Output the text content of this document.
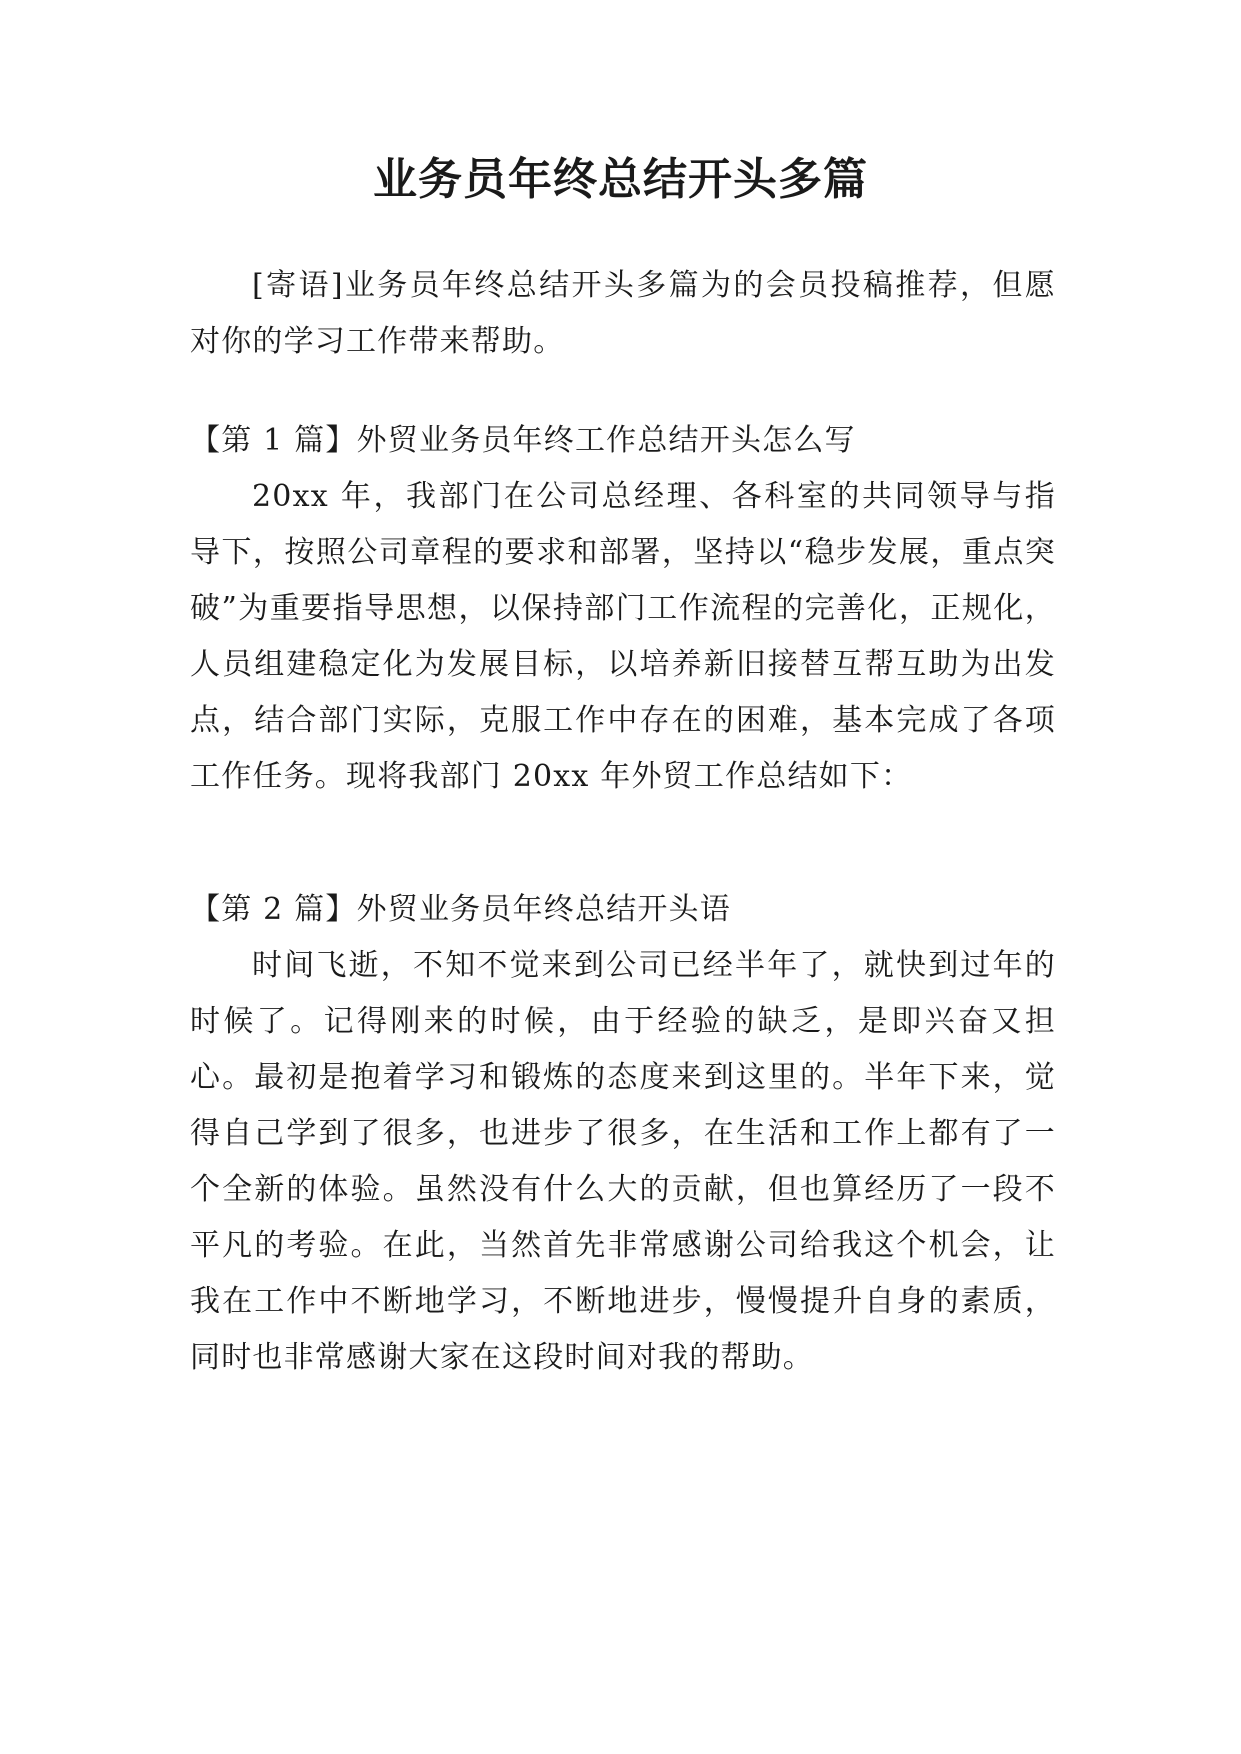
业务员年终总结开头多篇

[寄语]业务员年终总结开头多篇为的会员投稿推荐，但愿对你的学习工作带来帮助。

【第 1 篇】外贸业务员年终工作总结开头怎么写

20xx 年，我部门在公司总经理、各科室的共同领导与指导下，按照公司章程的要求和部署，坚持以“稳步发展，重点突破”为重要指导思想，以保持部门工作流程的完善化，正规化，人员组建稳定化为发展目标，以培养新旧接替互帮互助为出发点，结合部门实际，克服工作中存在的困难，基本完成了各项工作任务。现将我部门 20xx 年外贸工作总结如下：

【第 2 篇】外贸业务员年终总结开头语

时间飞逝，不知不觉来到公司已经半年了，就快到过年的时候了。记得刚来的时候，由于经验的缺乏，是即兴奋又担心。最初是抱着学习和锻炼的态度来到这里的。半年下来，觉得自己学到了很多，也进步了很多，在生活和工作上都有了一个全新的体验。虽然没有什么大的贡献，但也算经历了一段不平凡的考验。在此，当然首先非常感谢公司给我这个机会，让我在工作中不断地学习，不断地进步，慢慢提升自身的素质，同时也非常感谢大家在这段时间对我的帮助。
